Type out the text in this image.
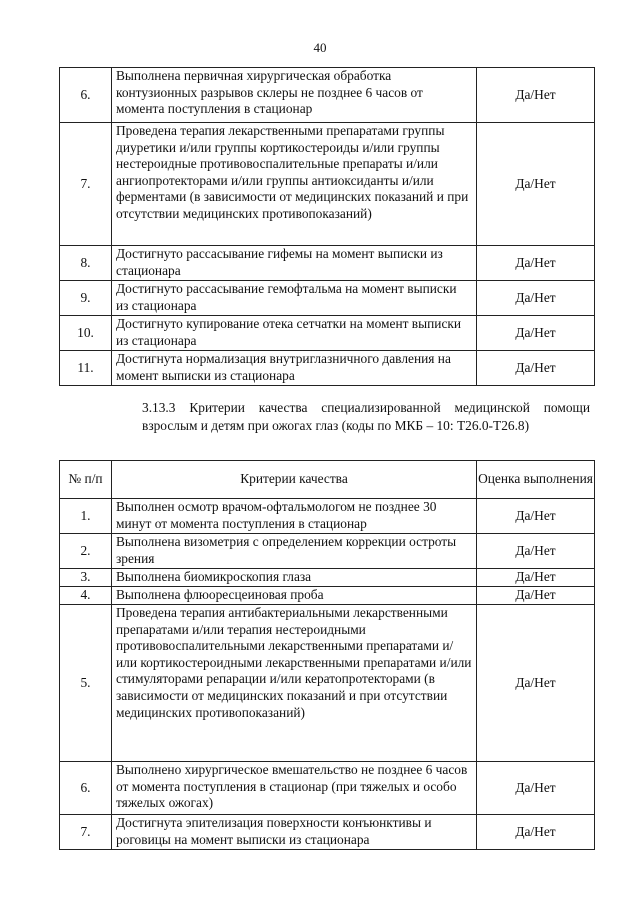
40
6.	Выполнена первичная хирургическая обработка контузионных разрывов склеры не позднее 6 часов от момента поступления в стационар	Да/Нет
7.	Проведена терапия лекарственными препаратами группы диуретики и/или группы кортикостероиды и/или группы нестероидные противовоспалительные препараты и/или ангиопротекторами и/или группы антиоксиданты и/или ферментами (в зависимости от медицинских показаний и при отсутствии медицинских противопоказаний)	Да/Нет
8.	Достигнуто рассасывание гифемы на момент выписки из стационара	Да/Нет
9.	Достигнуто рассасывание гемофтальма на момент выписки из стационара	Да/Нет
10.	Достигнуто купирование отека сетчатки на момент выписки из стационара	Да/Нет
11.	Достигнута нормализация внутриглазничного давления на момент выписки из стационара	Да/Нет
3.13.3 Критерии качества специализированной медицинской помощи взрослым и детям при ожогах глаз (коды по МКБ – 10: Т26.0-Т26.8)
№ п/п	Критерии качества	Оценка выполнения
1.	Выполнен осмотр врачом-офтальмологом не позднее 30 минут от момента поступления в стационар	Да/Нет
2.	Выполнена визометрия с определением коррекции остроты зрения	Да/Нет
3.	Выполнена биомикроскопия глаза	Да/Нет
4.	Выполнена флюоресцеиновая проба	Да/Нет
5.	Проведена терапия антибактериальными лекарственными препаратами и/или терапия нестероидными противовоспалительными лекарственными препаратами и/или кортикостероидными лекарственными препаратами и/или стимуляторами репарации и/или кератопротекторами (в зависимости от медицинских показаний и при отсутствии медицинских противопоказаний)	Да/Нет
6.	Выполнено хирургическое вмешательство не позднее 6 часов от момента поступления в стационар (при тяжелых и особо тяжелых ожогах)	Да/Нет
7.	Достигнута эпителизация поверхности конъюнктивы и роговицы на момент выписки из стационара	Да/Нет
